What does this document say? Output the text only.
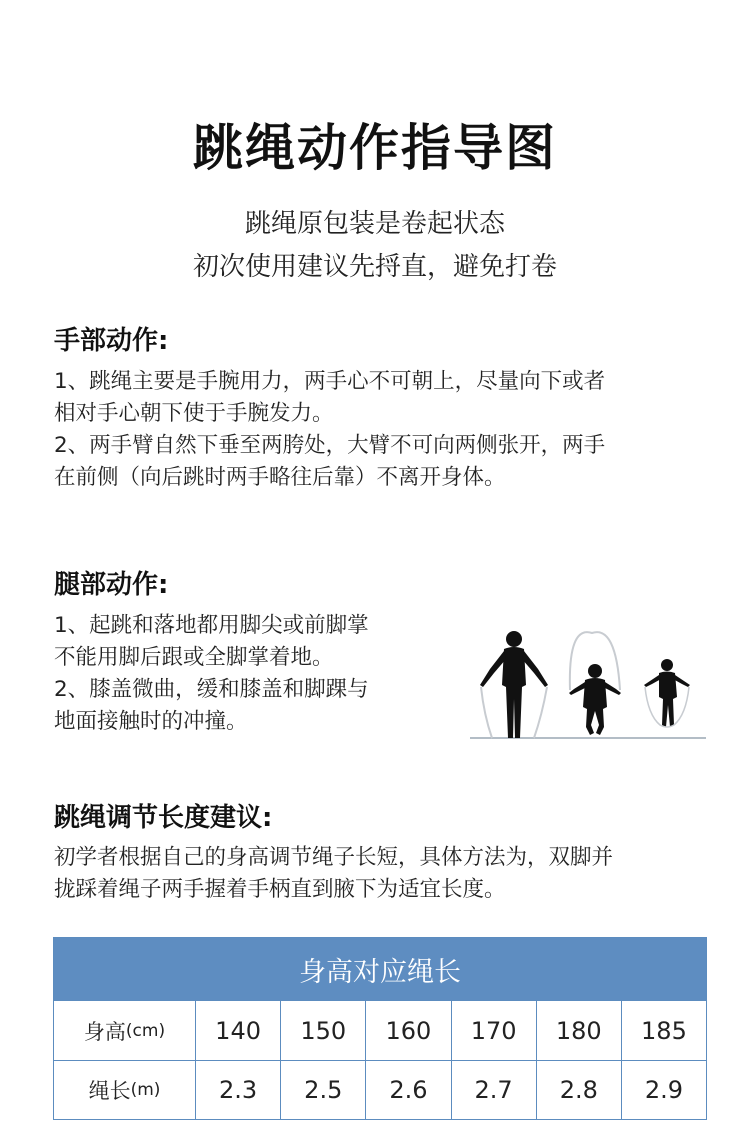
跳绳动作指导图
跳绳原包装是卷起状态
初次使用建议先捋直，避免打卷
手部动作:
1、跳绳主要是手腕用力，两手心不可朝上，尽量向下或者
相对手心朝下使于手腕发力。
2、两手臂自然下垂至两胯处，大臂不可向两侧张开，两手
在前侧（向后跳时两手略往后靠）不离开身体。
腿部动作:
1、起跳和落地都用脚尖或前脚掌
不能用脚后跟或全脚掌着地。
2、膝盖微曲，缓和膝盖和脚踝与
地面接触时的冲撞。
跳绳调节长度建议:
初学者根据自己的身高调节绳子长短，具体方法为，双脚并
拢踩着绳子两手握着手柄直到腋下为适宜长度。
身高对应绳长
身高 (cm)	140	150	160	170	180	185
绳长 (m)	2.3	2.5	2.6	2.7	2.8	2.9
